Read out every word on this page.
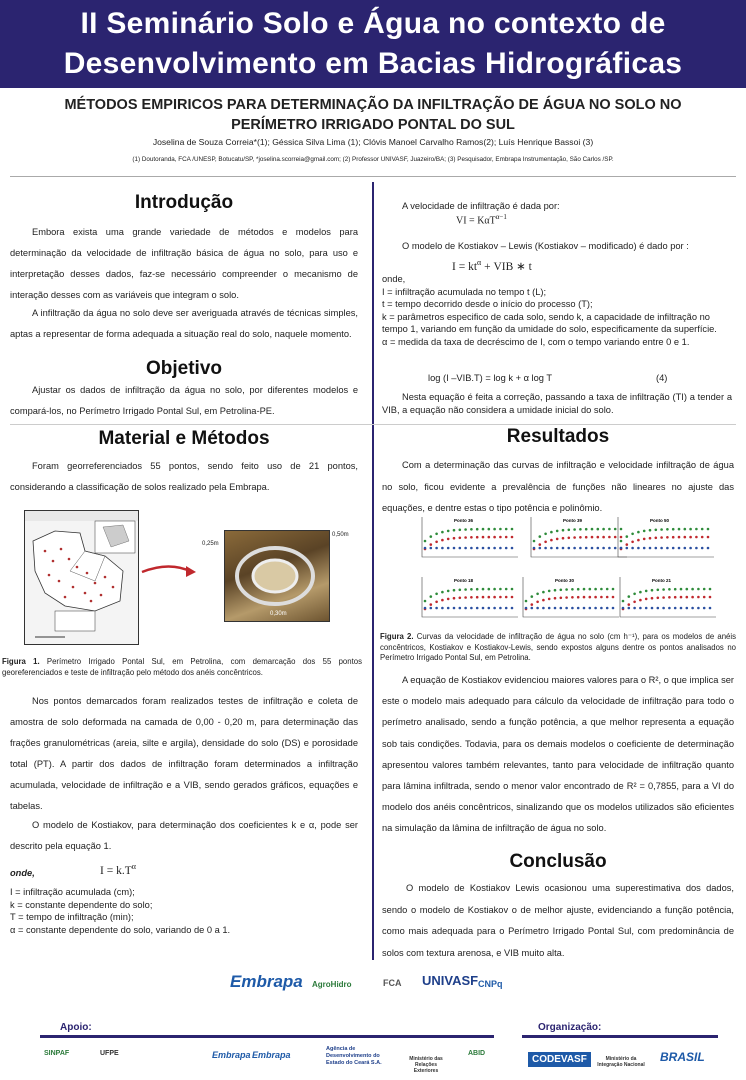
II Seminário Solo e Água no contexto de
Desenvolvimento em Bacias Hidrográficas
MÉTODOS EMPIRICOS PARA DETERMINAÇÃO DA INFILTRAÇÃO DE ÁGUA NO SOLO NO
PERÍMETRO IRRIGADO PONTAL DO SUL
Joselina de Souza Correia*(1); Géssica Silva Lima (1); Clóvis Manoel Carvalho Ramos(2); Luís Henrique Bassoi (3)
(1) Doutoranda, FCA /UNESP, Botucatu/SP, *joselina.scorreia@gmail.com; (2) Professor UNIVASF, Juazeiro/BA; (3) Pesquisador, Embrapa Instrumentação, São Carlos /SP.
Introdução

Embora exista uma grande variedade de métodos e modelos para determinação da velocidade de infiltração básica de água no solo, para uso e interpretação desses dados, faz-se necessário compreender o mecanismo de interação desses com as variáveis que integram o solo.

A infiltração da água no solo deve ser averiguada através de técnicas simples, aptas a representar de forma adequada a situação real do solo, naquele momento.

Objetivo

Ajustar os dados de infiltração da água no solo, por diferentes modelos e compará-los, no Perímetro Irrigado Pontal Sul, em Petrolina-PE.

Material e Métodos

Foram georreferenciados 55 pontos, sendo feito uso de 21 pontos, considerando a classificação de solos realizado pela Embrapa.

0,25m
0,50m
0,30m
Figura 1. Perímetro Irrigado Pontal Sul, em Petrolina, com demarcação dos 55 pontos georeferenciados e teste de infiltração pelo método dos anéis concêntricos.

Nos pontos demarcados foram realizados testes de infiltração e coleta de amostra de solo deformada na camada de 0,00 - 0,20 m, para determinação das frações granulométricas (areia, silte e argila), densidade do solo (DS) e porosidade total (PT). A partir dos dados de infiltração foram determinados a infiltração acumulada, velocidade de infiltração e a VIB, sendo gerados gráficos, equações e tabelas.

O modelo de Kostiakov, para determinação dos coeficientes k e α, pode ser descrito pela equação 1.

onde,	$I = k.T^\alpha$
I = infiltração acumulada (cm);
k = constante dependente do solo;
T = tempo de infiltração (min);
α = constante dependente do solo, variando de 0 a 1.
A velocidade de infiltração é dada por:
VI = KαT$^{\alpha-1}$
O modelo de Kostiakov – Lewis (Kostiakov – modificado) é dado por :
$I = kt^\alpha$ + VIB ∗ t
onde,
I = infiltração acumulada no tempo t (L);
t = tempo decorrido desde o início do processo (T);
k = parâmetros especifico de cada solo, sendo k, a capacidade de infiltração no tempo 1, variando em função da umidade do solo, especificamente da superfície.
α = medida da taxa de decréscimo de I, com o tempo variando entre 0 e 1.
log (I –VIB.T) = log k + α log T	(4)

Nesta equação é feita a correção, passando a taxa de infiltração (TI) a tender a VIB, a equação não considera a umidade inicial do solo.

Resultados

Com a determinação das curvas de infiltração e velocidade infiltração de água no solo, ficou evidente a prevalência de funções não lineares no ajuste das equações, e dentre estas o tipo potência e polinômio.

Ponto 36	Ponto 39	Ponto 50
Ponto 18	Ponto 30	Ponto 21
Figura 2. Curvas da velocidade de infiltração de água no solo (cm h⁻¹), para os modelos de anéis concêntricos, Kostiakov e Kostiakov-Lewis, sendo expostos alguns dentre os pontos analisados no Perímetro Irrigado Pontal Sul, em Petrolina.

A equação de Kostiakov evidenciou maiores valores para o R², o que implica ser este o modelo mais adequado para cálculo da velocidade de infiltração para todo o perímetro analisado, sendo a função potência, a que melhor representa a equação sob tais condições. Todavia, para os demais modelos o coeficiente de determinação apresentou valores também relevantes, tanto para velocidade de infiltração quanto para lâmina infiltrada, sendo o menor valor encontrado de R² = 0,7855, para a VI do modelo dos anéis concêntricos, sinalizando que os modelos utilizados são eficientes na simulação da lâmina de infiltração de água no solo.

Conclusão

O modelo de Kostiakov Lewis ocasionou uma superestimativa dos dados, sendo o modelo de Kostiakov o de melhor ajuste, evidenciando a função potência, como mais adequada para o Perímetro Irrigado Pontal Sul, com predominância de solos com textura arenosa, e VIB muito alta.

Embrapa AgroHidro	FCA UNIVASF CNPq
Apoio:	Organização:
SINPAF	UFPE	Embrapa Embrapa
Agência de Desenvolvimento do Estado do Ceará S.A.
Ministério das Relações Exteriores
ABID
CODEVASF	Ministério da Integração Nacional
BRASIL
